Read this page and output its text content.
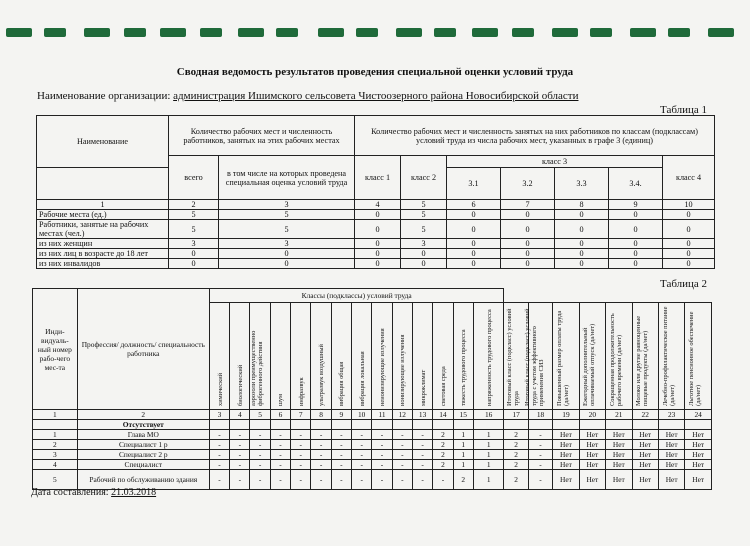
Сводная ведомость результатов проведения специальной оценки условий труда
Наименование организации: администрация Ишимского сельсовета Чистоозерного района Новосибирской области
Таблица 1
Наименование	Количество рабочих мест и численность работников, занятых на этих рабочих местах		Количество рабочих мест и численность занятых на них работников по классам (подклассам) условий труда из числа рабочих мест, указанных в графе 3 (единиц)						
	всего	в том числе на которых проведена специальная оценка условий труда	класс 1	класс 2	класс 3				класс 4
					3.1	3.2	3.3	3.4.	
1	2	3	4	5	6	7	8	9	10
Рабочие места (ед.)	5	5	0	5	0	0	0	0	0
Работники, занятые на рабочих местах (чел.)	5	5	0	5	0	0	0	0	0
из них женщин	3	3	0	3	0	0	0	0	0
из них лиц в возрасте до 18 лет	0	0	0	0	0	0	0	0	0
из них инвалидов	0	0	0	0	0	0	0	0	0
Таблица 2
Инди-видуаль-ный номер рабо-чего мес-та	Профессия/ должность/ специальность работника	Классы (подклассы) условий труда																					

		химический	биологический	аэрозоли преимущественно фиброгенного действия	шум	инфразвук	ультразвук воздушный	вибрация общая	вибрация локальная	неионизирующие излучения	ионизирующие излучения	микроклимат	световая среда	тяжесть трудового процесса	напряженность трудового процесса	Итоговый класс (подкласс) условий труда	Итоговый класс (подкласс) условий труда с учетом эффективного применения СИЗ	Повышенный размер оплаты труда (да/нет)	Ежегодный дополнительный оплачиваемый отпуск (да/нет)	Сокращенная продолжительность рабочего времени (да/нет)	Молоко или другие равноценные пищевые продукты (да/нет)	Лечебно-профилактическое питание (да/нет)	Льготное пенсионное обеспечение (да/нет)

1	2	3	4	5	6	7	8	9	10	11	12	13	14	15	16	17	18	19	20	21	22	23	24
	Отсутствует																						
1	Глава МО	-	-	-	-	-	-	-	-	-	-	-	2	1	1	2	-	Нет	Нет	Нет	Нет	Нет	Нет
2	Специалист 1 р	-	-	-	-	-	-	-	-	-	-	-	2	1	1	2	-	Нет	Нет	Нет	Нет	Нет	Нет
3	Специалист 2 р	-	-	-	-	-	-	-	-	-	-	-	2	1	1	2	-	Нет	Нет	Нет	Нет	Нет	Нет
4	Специалист	-	-	-	-	-	-	-	-	-	-	-	2	1	1	2	-	Нет	Нет	Нет	Нет	Нет	Нет
5	Рабочий по обслуживанию здания	-	-	-	-	-	-	-	-	-	-	-	-	2	1	2	-	Нет	Нет	Нет	Нет	Нет	Нет
Дата составления: 21.03.2018
